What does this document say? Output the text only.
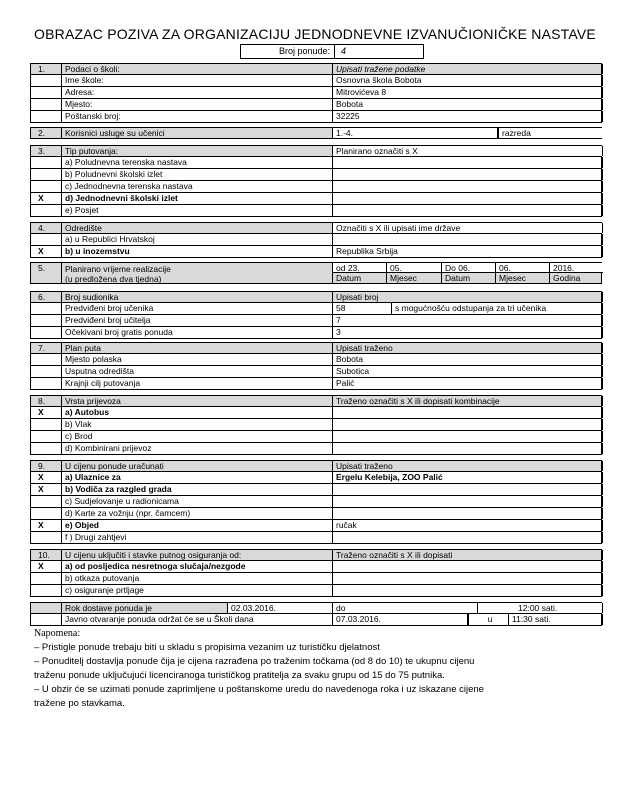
OBRAZAC POZIVA ZA ORGANIZACIJU JEDNODNEVNE IZVANUČIONIČKE NASTAVE
Broj ponude:	4
1.	Podaci o školi:	Upisati tražene podatke
Ime škole:	Osnovna škola Bobota
Adresa:	Mitrovićeva 8
Mjesto:	Bobota
Poštanski broj:	32225
2.	Korisnici usluge su učenici	1.-4.	razreda
3.	Tip putovanja:	Planirano označiti s X
a) Poludnevna terenska nastava
b) Poludnevni školski izlet
c) Jednodnevna terenska nastava
X	d) Jednodnevni školski izlet
e) Posjet
4.	Odredište	Označiti s X ili upisati ime države
a) u Republici Hrvatskoj
X	b) u inozemstvu	Republika Srbija
5.	Planirano vrijeme realizacije
(u predložena dva tjedna)
od 23.	05.	Do 06.	06.	2016.
Datum	Mjesec	Datum	Mjesec	Godina
6.	Broj sudionika	Upisati broj
Predviđeni broj učenika	58	s mogućnošću odstupanja za tri učenika
Predviđeni broj učitelja	7
Očekivani broj gratis ponuda	3
7.	Plan puta	Upisati traženo
Mjesto polaska	Bobota
Usputna odredišta	Subotica
Krajnji cilj putovanja	Palić
8.	Vrsta prijevoza	Traženo označiti s X ili dopisati kombinacije
X	a) Autobus
b) Vlak
c) Brod
d) Kombinirani prijevoz
9.	U cijenu ponude uračunati	Upisati traženo
X	a) Ulaznice za	Ergelu Kelebija, ZOO Palić
X	b) Vodiča za razgled grada
c) Sudjelovanje u radionicama
d) Karte za vožnju (npr. čamcem)
X	e) Objed	ručak
f ) Drugi zahtjevi
10.	U cijenu uključiti i stavke putnog osiguranja od:	Traženo označiti s X ili dopisati
X	a) od posljedica nesretnoga slučaja/nezgode
b) otkaza putovanja
c) osiguranje prtljage
Rok dostave ponuda je	02.03.2016.	do	12:00 sati.
Javno otvaranje ponuda održat će se u Školi dana	07.03.2016.	u	11:30 sati.
Napomena:
– Pristigle ponude trebaju biti u skladu s propisima vezanim uz turističku djelatnost
– Ponuditelj dostavlja ponude čija je cijena razrađena po traženim točkama (od 8 do 10) te ukupnu cijenu
traženu ponude uključujući licenciranoga turističkog pratitelja za svaku grupu od 15 do 75 putnika.
– U obzir će se uzimati ponude zaprimljene u poštanskome uredu do navedenoga roka i uz iskazane cijene
tražene po stavkama.
